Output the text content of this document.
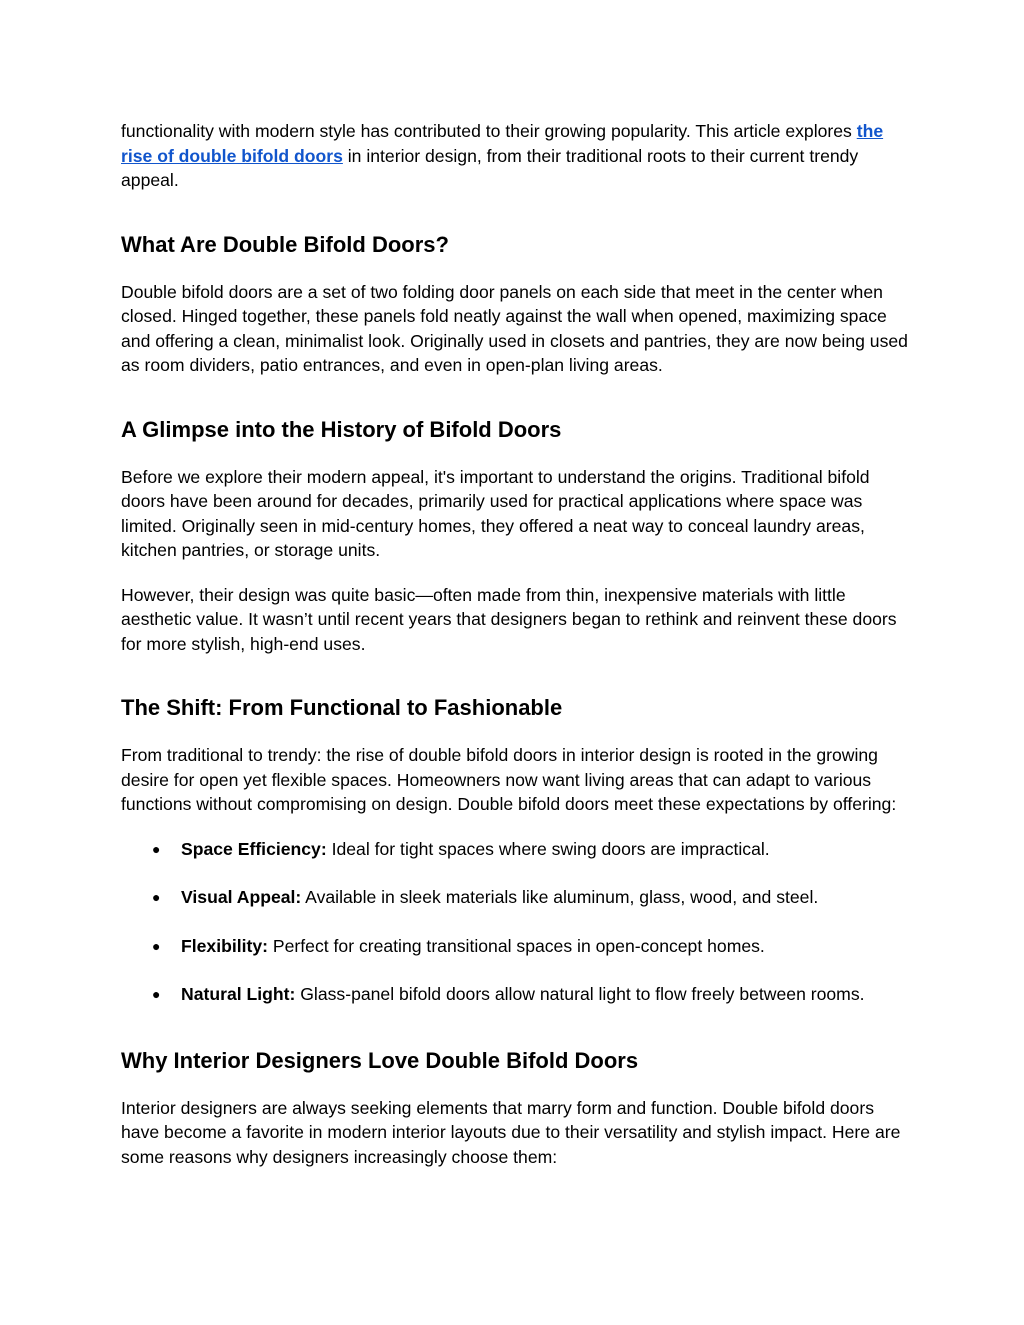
functionality with modern style has contributed to their growing popularity. This article explores the rise of double bifold doors in interior design, from their traditional roots to their current trendy appeal.

What Are Double Bifold Doors?

Double bifold doors are a set of two folding door panels on each side that meet in the center when closed. Hinged together, these panels fold neatly against the wall when opened, maximizing space and offering a clean, minimalist look. Originally used in closets and pantries, they are now being used as room dividers, patio entrances, and even in open-plan living areas.

A Glimpse into the History of Bifold Doors

Before we explore their modern appeal, it's important to understand the origins. Traditional bifold doors have been around for decades, primarily used for practical applications where space was limited. Originally seen in mid-century homes, they offered a neat way to conceal laundry areas, kitchen pantries, or storage units.

However, their design was quite basic—often made from thin, inexpensive materials with little aesthetic value. It wasn’t until recent years that designers began to rethink and reinvent these doors for more stylish, high-end uses.

The Shift: From Functional to Fashionable

From traditional to trendy: the rise of double bifold doors in interior design is rooted in the growing desire for open yet flexible spaces. Homeowners now want living areas that can adapt to various functions without compromising on design. Double bifold doors meet these expectations by offering:

● Space Efficiency: Ideal for tight spaces where swing doors are impractical.
● Visual Appeal: Available in sleek materials like aluminum, glass, wood, and steel.
● Flexibility: Perfect for creating transitional spaces in open-concept homes.
● Natural Light: Glass-panel bifold doors allow natural light to flow freely between rooms.
Why Interior Designers Love Double Bifold Doors

Interior designers are always seeking elements that marry form and function. Double bifold doors have become a favorite in modern interior layouts due to their versatility and stylish impact. Here are some reasons why designers increasingly choose them:
